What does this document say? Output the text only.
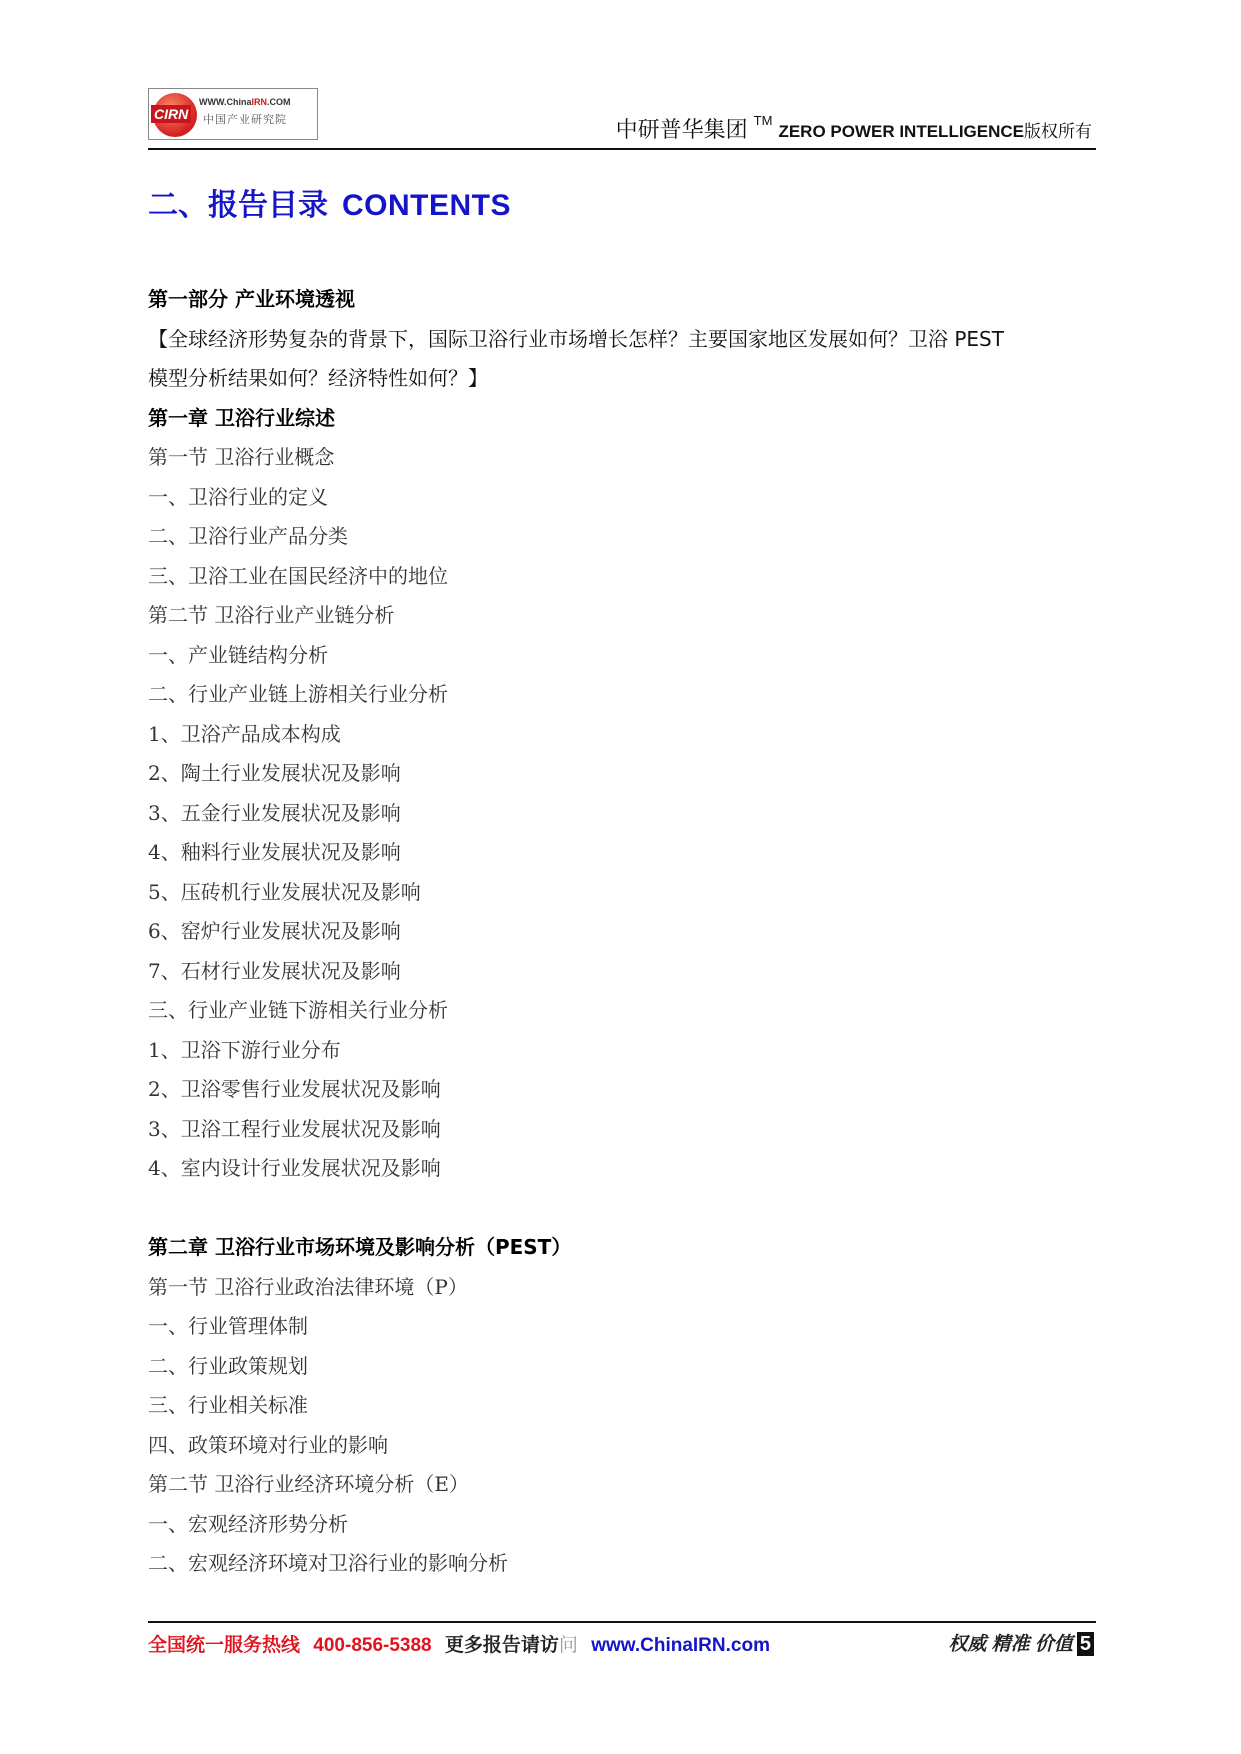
CIRN
WWW.ChinaIRN.COM
中国产业研究院	中研普华集团 ™ZERO POWER INTELLIGENCE版权所有
二、报告目录 CONTENTS
第一部分 产业环境透视
【全球经济形势复杂的背景下，国际卫浴行业市场增长怎样？主要国家地区发展如何？卫浴 PEST
模型分析结果如何？经济特性如何？】
第一章 卫浴行业综述
第一节 卫浴行业概念
一、卫浴行业的定义
二、卫浴行业产品分类
三、卫浴工业在国民经济中的地位
第二节 卫浴行业产业链分析
一、产业链结构分析
二、行业产业链上游相关行业分析
1、卫浴产品成本构成
2、陶土行业发展状况及影响
3、五金行业发展状况及影响
4、釉料行业发展状况及影响
5、压砖机行业发展状况及影响
6、窑炉行业发展状况及影响
7、石材行业发展状况及影响
三、行业产业链下游相关行业分析
1、卫浴下游行业分布
2、卫浴零售行业发展状况及影响
3、卫浴工程行业发展状况及影响
4、室内设计行业发展状况及影响
第二章 卫浴行业市场环境及影响分析（PEST）
第一节 卫浴行业政治法律环境（P）
一、行业管理体制
二、行业政策规划
三、行业相关标准
四、政策环境对行业的影响
第二节 卫浴行业经济环境分析（E）
一、宏观经济形势分析
二、宏观经济环境对卫浴行业的影响分析
全国统一服务热线 400-856-5388 更多报告请访问 www.ChinaIRN.com	权威 精准 价值 5
